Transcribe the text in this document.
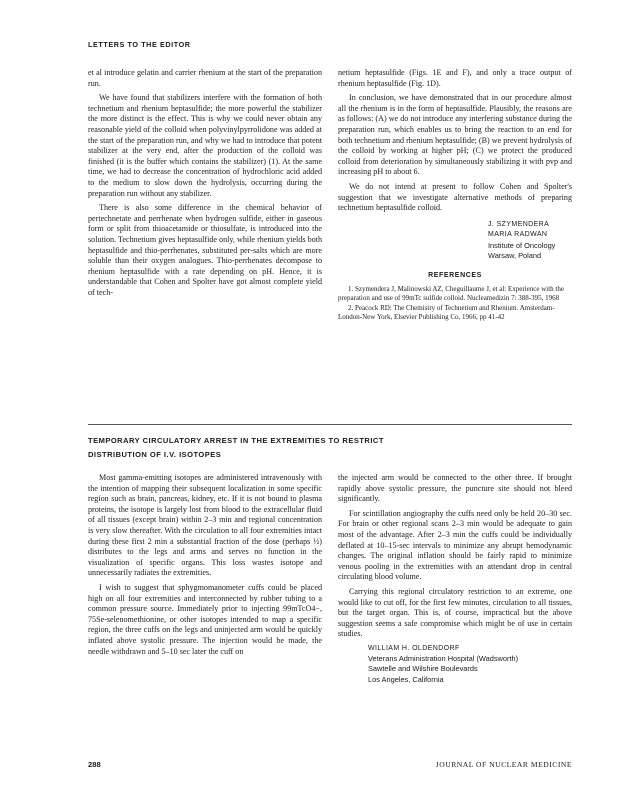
LETTERS TO THE EDITOR

et al introduce gelatin and carrier rhenium at the start of the preparation run.

We have found that stabilizers interfere with the formation of both technetium and rhenium heptasulfide; the more powerful the stabilizer the more distinct is the effect. This is why we could never obtain any reasonable yield of the colloid when polyvinylpyrrolidone was added at the start of the preparation run, and why we had to introduce that potent stabilizer at the very end, after the production of the colloid was finished (it is the buffer which contains the stabilizer) (1). At the same time, we had to decrease the concentration of hydrochloric acid added to the medium to slow down the hydrolysis, occurring during the preparation run without any stabilizer.

There is also some difference in the chemical behavior of pertechnetate and perrhenate when hydrogen sulfide, either in gaseous form or split from thioacetamide or thiosulfate, is introduced into the solution. Technetium gives heptasulfide only, while rhenium yields both heptasulfide and thio-perrhenates, substituted per-salts which are more soluble than their oxygen analogues. Thio-perrhenates decompose to rhenium heptasulfide with a rate depending on pH. Hence, it is understandable that Cohen and Spolter have got almost complete yield of tech-

netium heptasulfide (Figs. 1E and F), and only a trace output of rhenium heptasulfide (Fig. 1D).

In conclusion, we have demonstrated that in our procedure almost all the rhenium is in the form of heptasulfide. Plausibly, the reasons are as follows: (A) we do not introduce any interfering substance during the preparation run, which enables us to bring the reaction to an end for both technetium and rhenium heptasulfide; (B) we prevent hydrolysis of the colloid by working at higher pH; (C) we protect the produced colloid from deterioration by simultaneously stabilizing it with pvp and increasing pH to about 6.

We do not intend at present to follow Cohen and Spolter's suggestion that we investigate alternative methods of preparing technetium heptasulfide colloid.

J. SZYMENDERA
MARIA RADWAN
Institute of Oncology
Warsaw, Poland
REFERENCES
1. Szymendera J, Malinowski AZ, Cheguillaume J, et al: Experience with the preparation and use of 99mTc sulfide colloid. Nucleamedizin 7: 388-395, 1968
2. Peacock RD: The Chemistry of Technetium and Rhenium. Amsterdam-London-New York, Elsevier Publishing Co, 1966, pp 41-42
TEMPORARY CIRCULATORY ARREST IN THE EXTREMITIES TO RESTRICT
DISTRIBUTION OF I.V. ISOTOPES

Most gamma-emitting isotopes are administered intravenously with the intention of mapping their subsequent localization in some specific region such as brain, pancreas, kidney, etc. If it is not bound to plasma proteins, the isotope is largely lost from blood to the extracellular fluid of all tissues (except brain) within 2–3 min and regional concentration is very slow thereafter. With the circulation to all four extremities intact during these first 2 min a substantial fraction of the dose (perhaps ½) distributes to the legs and arms and serves no function in the visualization of specific organs. This loss wastes isotope and unnecessarily radiates the extremities.

I wish to suggest that sphygmomanometer cuffs could be placed high on all four extremities and interconnected by rubber tubing to a common pressure source. Immediately prior to injecting 99mTcO4−, 75Se-selenomethionine, or other isotopes intended to map a specific region, the three cuffs on the legs and uninjected arm would be quickly inflated above systolic pressure. The injection would be made, the needle withdrawn and 5–10 sec later the cuff on

the injected arm would be connected to the other three. If brought rapidly above systolic pressure, the puncture site should not bleed significantly.

For scintillation angiography the cuffs need only be held 20–30 sec. For brain or other regional scans 2–3 min would be adequate to gain most of the advantage. After 2–3 min the cuffs could be individually deflated at 10–15-sec intervals to minimize any abrupt hemodynamic changes. The original inflation should be fairly rapid to minimize venous pooling in the extremities with an attendant drop in central circulating blood volume.

Carrying this regional circulatory restriction to an extreme, one would like to cut off, for the first few minutes, circulation to all tissues, but the target organ. This is, of course, impractical but the above suggestion seems a safe compromise which might be of use in certain studies.

WILLIAM H. OLDENDORF
Veterans Administration Hospital (Wadsworth)
Sawtelle and Wilshire Boulevards
Los Angeles, California
288	JOURNAL OF NUCLEAR MEDICINE
